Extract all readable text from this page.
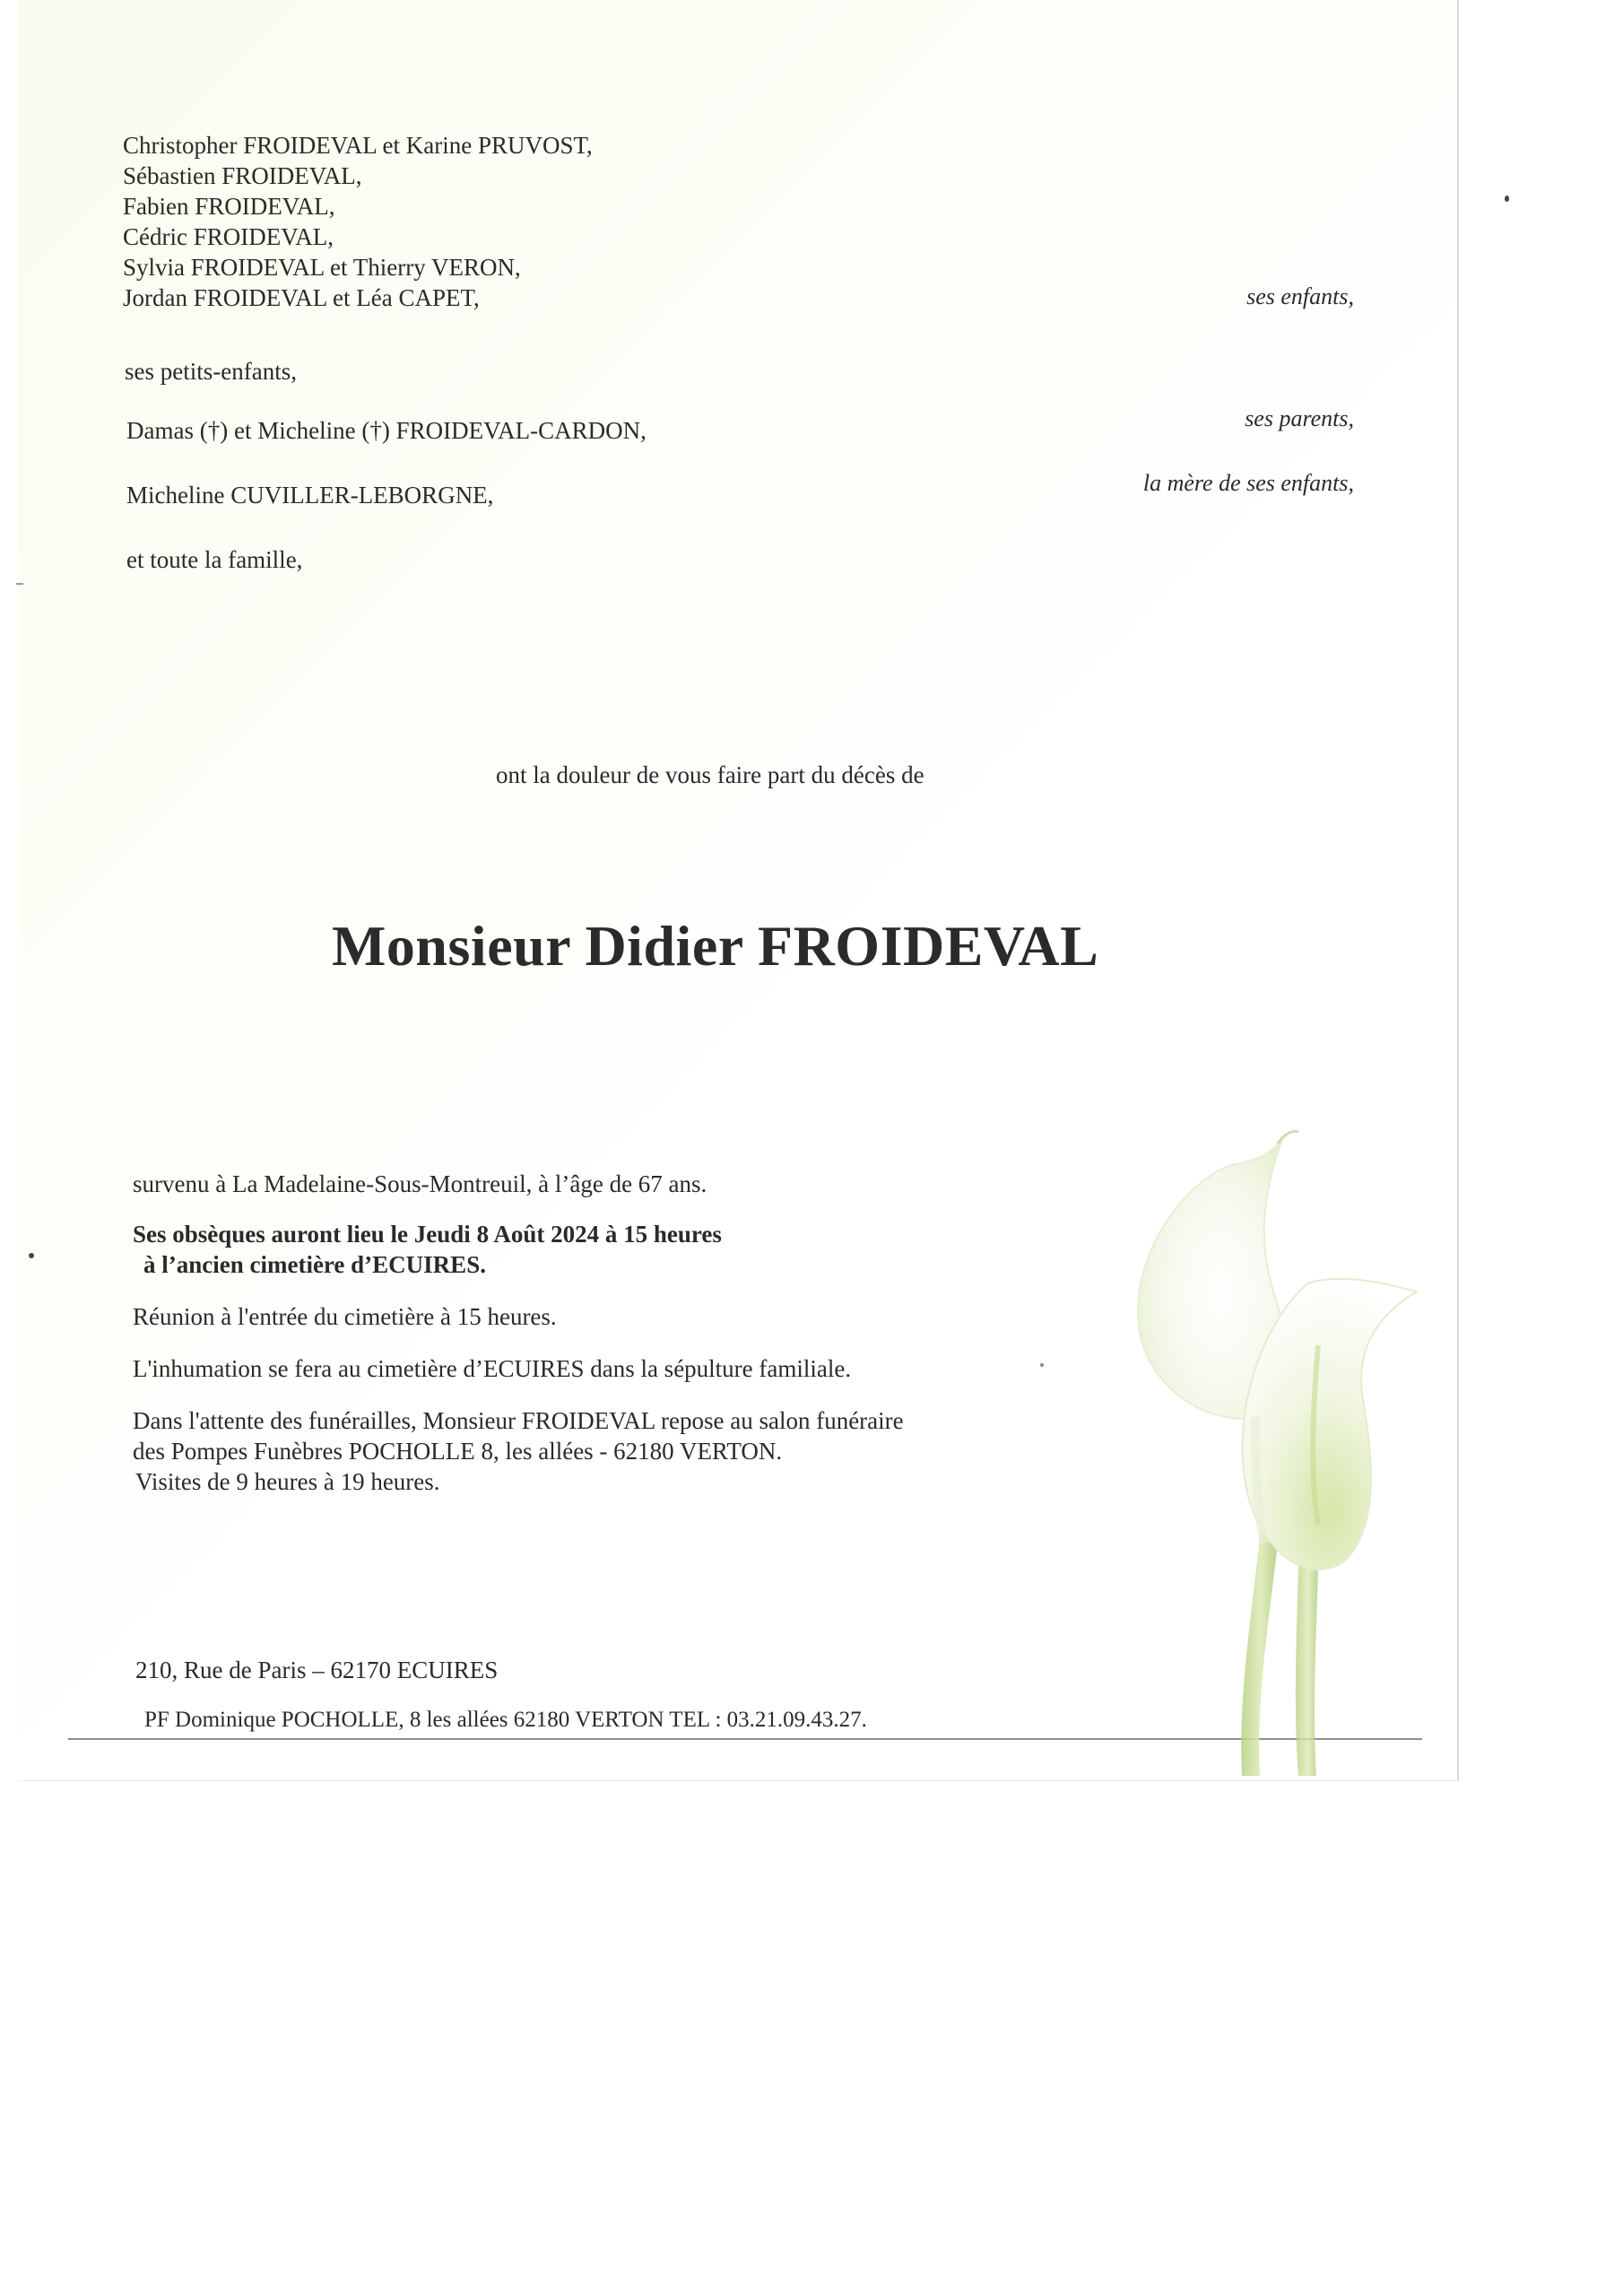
Christopher FROIDEVAL et Karine PRUVOST,
Sébastien FROIDEVAL,
Fabien FROIDEVAL,
Cédric FROIDEVAL,
Sylvia FROIDEVAL et Thierry VERON,
Jordan FROIDEVAL et Léa CAPET,	ses enfants,
ses petits-enfants,
Damas (†) et Micheline (†) FROIDEVAL-CARDON,	ses parents,
Micheline CUVILLER-LEBORGNE,	la mère de ses enfants,
et toute la famille,
ont la douleur de vous faire part du décès de
Monsieur Didier FROIDEVAL
survenu à La Madelaine-Sous-Montreuil, à l’âge de 67 ans.
Ses obsèques auront lieu le Jeudi 8 Août 2024 à 15 heures
à l’ancien cimetière d’ECUIRES.
Réunion à l'entrée du cimetière à 15 heures.
L'inhumation se fera au cimetière d’ECUIRES dans la sépulture familiale.
Dans l'attente des funérailles, Monsieur FROIDEVAL repose au salon funéraire
des Pompes Funèbres POCHOLLE 8, les allées - 62180 VERTON.
Visites de 9 heures à 19 heures.
210, Rue de Paris – 62170 ECUIRES
PF Dominique POCHOLLE, 8 les allées 62180 VERTON TEL : 03.21.09.43.27.
